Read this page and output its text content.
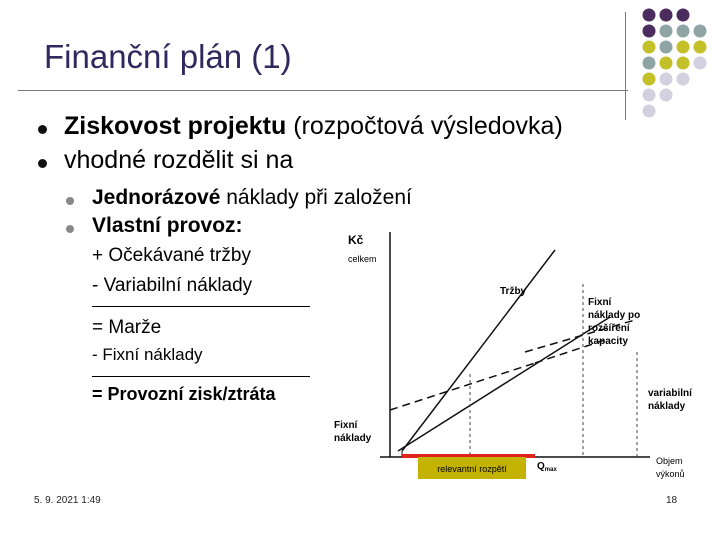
Finanční plán (1)
Ziskovost projektu (rozpočtová výsledovka)
vhodné rozdělit si na
Jednorázové náklady při založení
Vlastní provoz:
+ Očekávané tržby
- Variabilní náklady
= Marže
- Fixní náklady
= Provozní zisk/ztráta
relevantní rozpětí
Kč
celkem
Tržby
Fixní
náklady po
rozšíření
kapacity
variabilní
náklady
Fixní
náklady
$Q_{max}$
Objem
výkonů
5. 9. 2021 1:49	18
